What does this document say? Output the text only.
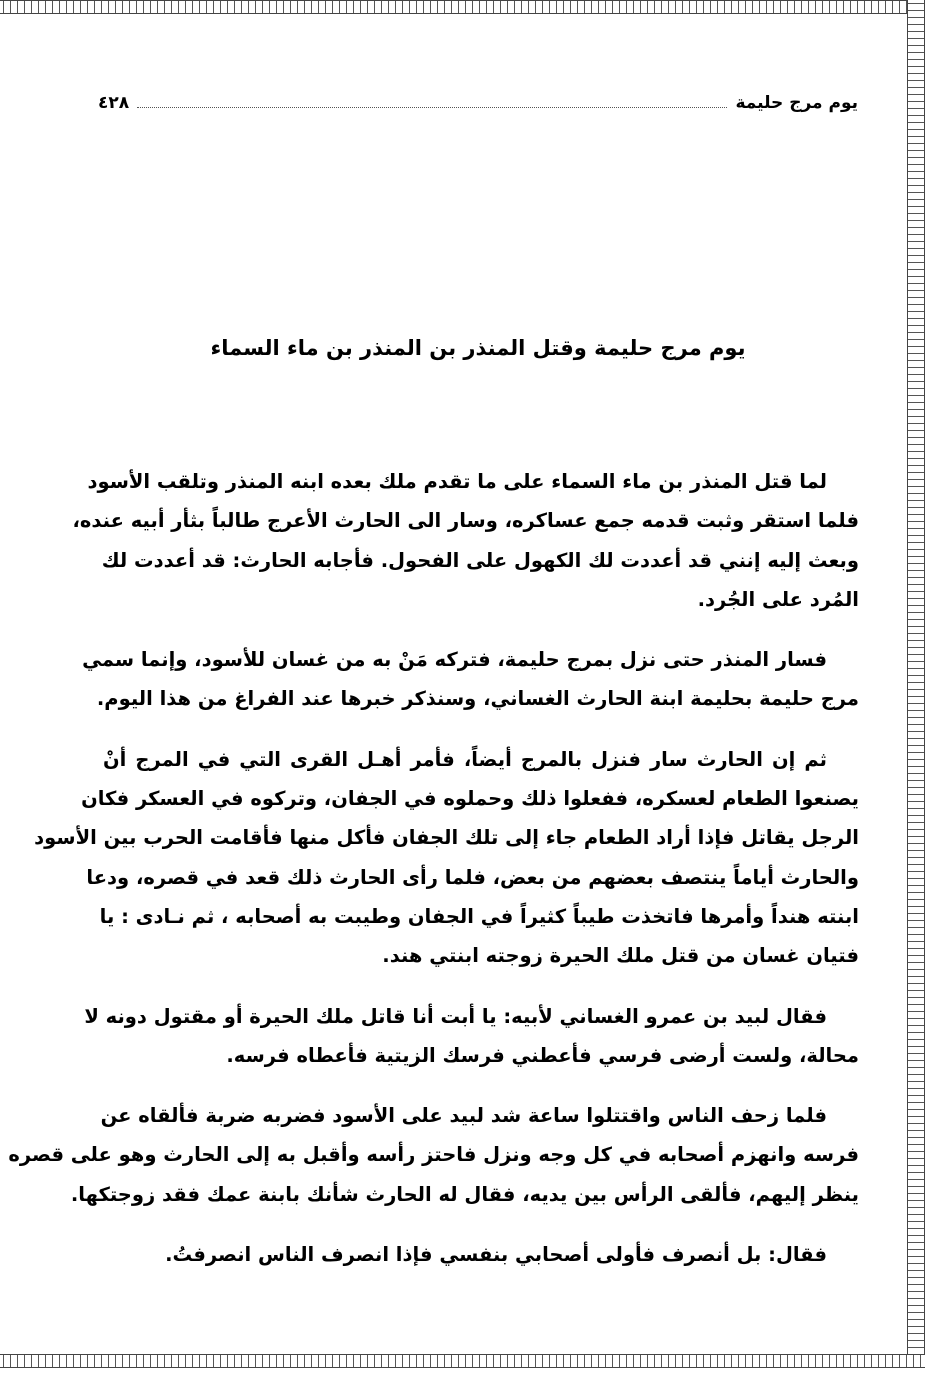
يوم مرج حليمة
٤٢٨
يوم مرج حليمة وقتل المنذر بن المنذر بن ماء السماء
لما قتل المنذر بن ماء السماء على ما تقدم ملك بعده ابنه المنذر وتلقب الأسود
فلما استقر وثبت قدمه جمع عساكره، وسار الى الحارث الأعرج طالباً بثأر أبيه عنده،
وبعث إليه إنني قد أعددت لك الكهول على الفحول. فأجابه الحارث: قد أعددت لك
المُرد على الجُرد.
فسار المنذر حتى نزل بمرج حليمة، فتركه مَنْ به من غسان للأسود، وإنما سمي
مرج حليمة بحليمة ابنة الحارث الغساني، وسنذكر خبرها عند الفراغ من هذا اليوم.
ثم إن الحارث سار فنزل بالمرج أيضاً، فأمر أهـل القرى التي في المرج أنْ
يصنعوا الطعام لعسكره، ففعلوا ذلك وحملوه في الجفان، وتركوه في العسكر فكان
الرجل يقاتل فإذا أراد الطعام جاء إلى تلك الجفان فأكل منها فأقامت الحرب بين الأسود
والحارث أياماً ينتصف بعضهم من بعض، فلما رأى الحارث ذلك قعد في قصره، ودعا
ابنته هنداً وأمرها فاتخذت طيباً كثيراً في الجفان وطيبت به أصحابه ، ثم نـادى : يا
فتيان غسان من قتل ملك الحيرة زوجته ابنتي هند.
فقال لبيد بن عمرو الغساني لأبيه: يا أبت أنا قاتل ملك الحيرة أو مقتول دونه لا
محالة، ولست أرضى فرسي فأعطني فرسك الزيتية فأعطاه فرسه.
فلما زحف الناس واقتتلوا ساعة شد لبيد على الأسود فضربه ضربة فألقاه عن
فرسه وانهزم أصحابه في كل وجه ونزل فاحتز رأسه وأقبل به إلى الحارث وهو على قصره
ينظر إليهم، فألقى الرأس بين يديه، فقال له الحارث شأنك بابنة عمك فقد زوجتكها.
فقال: بل أنصرف فأولى أصحابي بنفسي فإذا انصرف الناس انصرفتُ.
